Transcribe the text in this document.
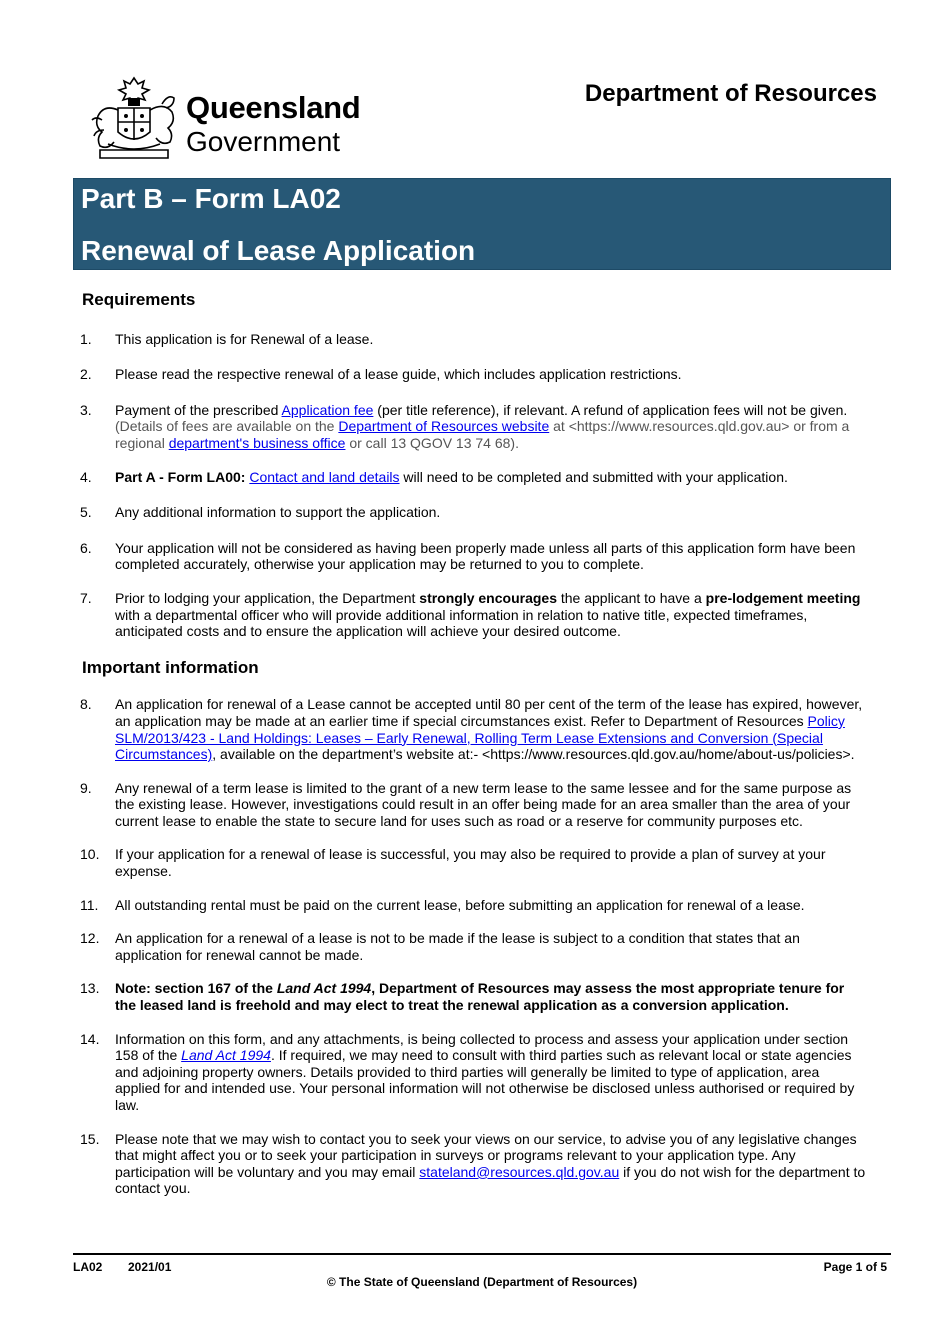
Queensland
Government
Department of Resources
Part B – Form LA02
Renewal of Lease Application
Requirements
1. This application is for Renewal of a lease.
2. Please read the respective renewal of a lease guide, which includes application restrictions.
3. Payment of the prescribed Application fee (per title reference), if relevant. A refund of application fees will not be given. (Details of fees are available on the Department of Resources website at <https://www.resources.qld.gov.au> or from a regional department's business office or call 13 QGOV 13 74 68).
4. Part A - Form LA00: Contact and land details will need to be completed and submitted with your application.
5. Any additional information to support the application.
6. Your application will not be considered as having been properly made unless all parts of this application form have been completed accurately, otherwise your application may be returned to you to complete.
7. Prior to lodging your application, the Department strongly encourages the applicant to have a pre-lodgement meeting with a departmental officer who will provide additional information in relation to native title, expected timeframes, anticipated costs and to ensure the application will achieve your desired outcome.
Important information
8. An application for renewal of a Lease cannot be accepted until 80 per cent of the term of the lease has expired, however, an application may be made at an earlier time if special circumstances exist. Refer to Department of Resources Policy SLM/2013/423 - Land Holdings: Leases – Early Renewal, Rolling Term Lease Extensions and Conversion (Special Circumstances), available on the department’s website at:- <https://www.resources.qld.gov.au/home/about-us/policies>.
9. Any renewal of a term lease is limited to the grant of a new term lease to the same lessee and for the same purpose as the existing lease. However, investigations could result in an offer being made for an area smaller than the area of your current lease to enable the state to secure land for uses such as road or a reserve for community purposes etc.
10. If your application for a renewal of lease is successful, you may also be required to provide a plan of survey at your expense.
11. All outstanding rental must be paid on the current lease, before submitting an application for renewal of a lease.
12. An application for a renewal of a lease is not to be made if the lease is subject to a condition that states that an application for renewal cannot be made.
13. Note: section 167 of the Land Act 1994, Department of Resources may assess the most appropriate tenure for the leased land is freehold and may elect to treat the renewal application as a conversion application.
14. Information on this form, and any attachments, is being collected to process and assess your application under section 158 of the Land Act 1994. If required, we may need to consult with third parties such as relevant local or state agencies and adjoining property owners. Details provided to third parties will generally be limited to type of application, area applied for and intended use. Your personal information will not otherwise be disclosed unless authorised or required by law.
15. Please note that we may wish to contact you to seek your views on our service, to advise you of any legislative changes that might affect you or to seek your participation in surveys or programs relevant to your application type. Any participation will be voluntary and you may email stateland@resources.qld.gov.au if you do not wish for the department to contact you.
LA02 2021/01	Page 1 of 5
© The State of Queensland (Department of Resources)
